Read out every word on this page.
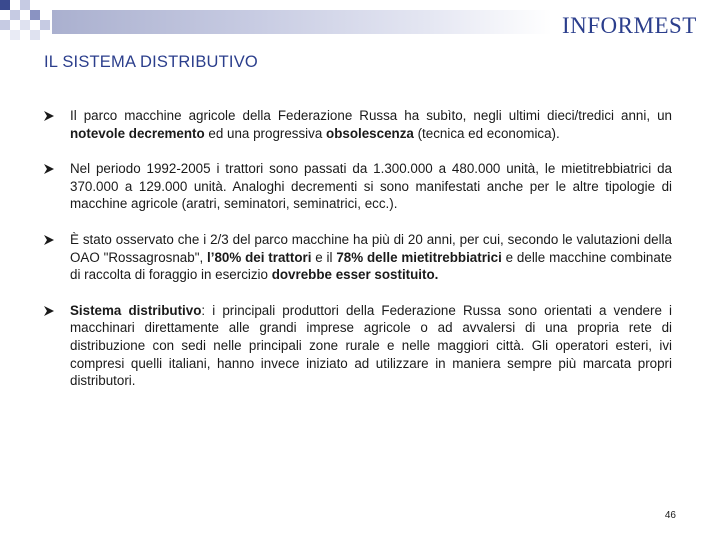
INFORMEST
IL SISTEMA DISTRIBUTIVO
Il parco macchine agricole della Federazione Russa ha subìto, negli ultimi dieci/tredici anni, un notevole decremento ed una progressiva obsolescenza (tecnica ed economica).
Nel periodo 1992-2005 i trattori sono passati da 1.300.000 a 480.000 unità, le mietitrebbiatrici da 370.000 a 129.000 unità. Analoghi decrementi si sono manifestati anche per le altre tipologie di macchine agricole (aratri, seminatori, seminatrici, ecc.).
È stato osservato che i 2/3 del parco macchine ha più di 20 anni, per cui, secondo le valutazioni della OAO "Rossagrosnab", l’80% dei trattori e il 78% delle mietitrebbiatrici e delle macchine combinate di raccolta di foraggio in esercizio dovrebbe esser sostituito.
Sistema distributivo: i principali produttori della Federazione Russa sono orientati a vendere i macchinari direttamente alle grandi imprese agricole o ad avvalersi di una propria rete di distribuzione con sedi nelle principali zone rurale e nelle maggiori città. Gli operatori esteri, ivi compresi quelli italiani, hanno invece iniziato ad utilizzare in maniera sempre più marcata propri distributori.
46
